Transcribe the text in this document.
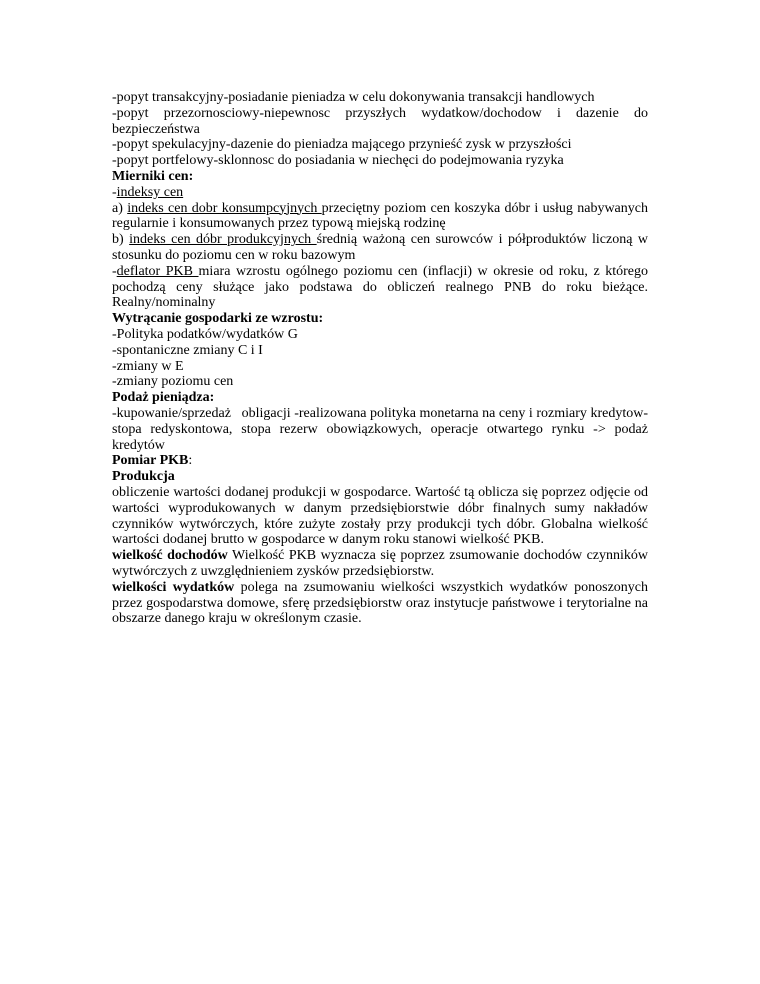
-popyt transakcyjny-posiadanie pieniadza w celu dokonywania transakcji handlowych

-popyt przezornosciowy-niepewnosc przyszłych wydatkow/dochodow i dazenie do bezpieczeństwa

-popyt spekulacyjny-dazenie do pieniadza mającego przynieść zysk w przyszłości

-popyt portfelowy-sklonnosc do posiadania w niechęci do podejmowania ryzyka

Mierniki cen:

-indeksy cen

a) indeks cen dobr konsumpcyjnych przeciętny poziom cen koszyka dóbr i usług nabywanych regularnie i konsumowanych przez typową miejską rodzinę

b) indeks cen dóbr produkcyjnych średnią ważoną cen surowców i półproduktów liczoną w stosunku do poziomu cen w roku bazowym

-deflator PKB miara wzrostu ogólnego poziomu cen (inflacji) w okresie od roku, z którego pochodzą ceny służące jako podstawa do obliczeń realnego PNB do roku bieżące. Realny/nominalny

Wytrącanie gospodarki ze wzrostu:

-Polityka podatków/wydatków G

-spontaniczne zmiany C i I

-zmiany w E

-zmiany poziomu cen

Podaż pieniądza:

-kupowanie/sprzedaż   obligacji -realizowana polityka monetarna na ceny i rozmiary kredytow-stopa redyskontowa, stopa rezerw obowiązkowych, operacje otwartego rynku -> podaż kredytów

Pomiar PKB:

Produkcja

obliczenie wartości dodanej produkcji w gospodarce. Wartość tą oblicza się poprzez odjęcie od wartości wyprodukowanych w danym przedsiębiorstwie dóbr finalnych sumy nakładów czynników wytwórczych, które zużyte zostały przy produkcji tych dóbr. Globalna wielkość wartości dodanej brutto w gospodarce w danym roku stanowi wielkość PKB.

wielkość dochodów Wielkość PKB wyznacza się poprzez zsumowanie dochodów czynników wytwórczych z uwzględnieniem zysków przedsiębiorstw.

wielkości wydatków polega na zsumowaniu wielkości wszystkich wydatków ponoszonych przez gospodarstwa domowe, sferę przedsiębiorstw oraz instytucje państwowe i terytorialne na obszarze danego kraju w określonym czasie.
